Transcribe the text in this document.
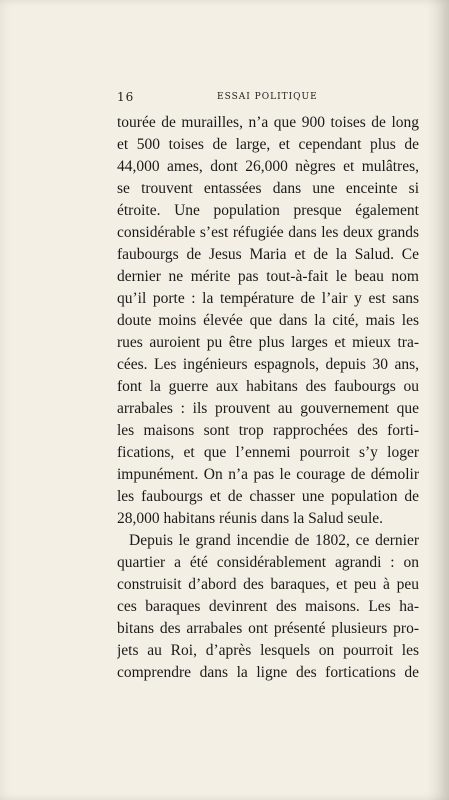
16	ESSAI POLITIQUE
tourée de murailles, n’a que 900 toises de long
et 500 toises de large, et cependant plus de
44,000 ames, dont 26,000 nègres et mulâtres,
se trouvent entassées dans une enceinte si
étroite. Une population presque également
considérable s’est réfugiée dans les deux grands
faubourgs de Jesus Maria et de la Salud. Ce
dernier ne mérite pas tout-à-fait le beau nom
qu’il porte : la température de l’air y est sans
doute moins élevée que dans la cité, mais les
rues auroient pu être plus larges et mieux tra-
cées. Les ingénieurs espagnols, depuis 30 ans,
font la guerre aux habitans des faubourgs ou
arrabales : ils prouvent au gouvernement que
les maisons sont trop rapprochées des forti-
fications, et que l’ennemi pourroit s’y loger
impunément. On n’a pas le courage de démolir
les faubourgs et de chasser une population de
28,000 habitans réunis dans la Salud seule.
Depuis le grand incendie de 1802, ce dernier
quartier a été considérablement agrandi : on
construisit d’abord des baraques, et peu à peu
ces baraques devinrent des maisons. Les ha-
bitans des arrabales ont présenté plusieurs pro-
jets au Roi, d’après lesquels on pourroit les
comprendre dans la ligne des fortications de
